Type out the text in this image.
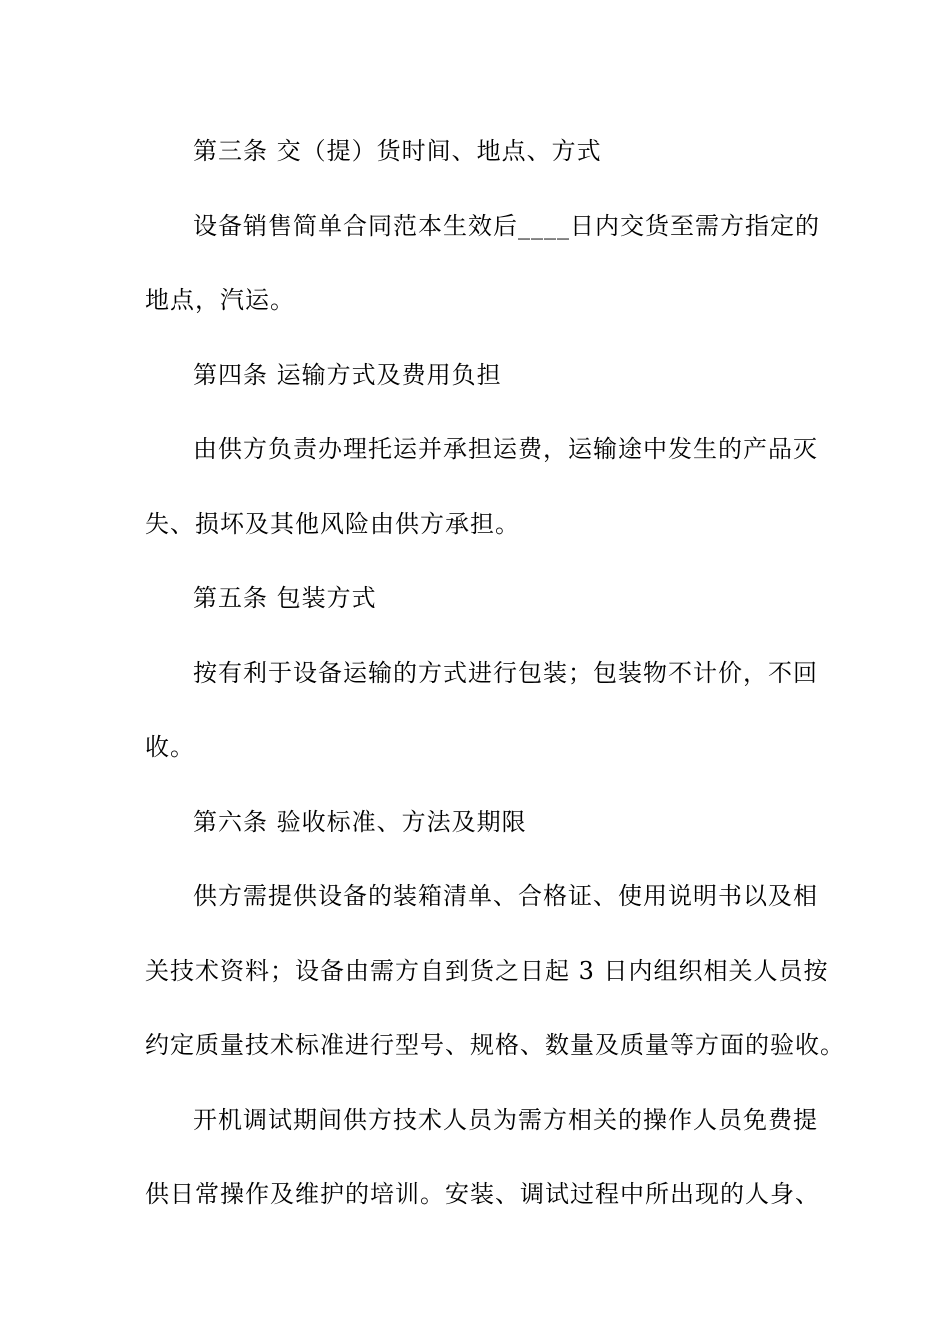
第三条 交（提）货时间、地点、方式
设备销售简单合同范本生效后____日内交货至需方指定的
地点，汽运。
第四条 运输方式及费用负担
由供方负责办理托运并承担运费，运输途中发生的产品灭
失、损坏及其他风险由供方承担。
第五条 包装方式
按有利于设备运输的方式进行包装；包装物不计价，不回
收。
第六条 验收标准、方法及期限
供方需提供设备的装箱清单、合格证、使用说明书以及相
关技术资料；设备由需方自到货之日起 3 日内组织相关人员按
约定质量技术标准进行型号、规格、数量及质量等方面的验收。
开机调试期间供方技术人员为需方相关的操作人员免费提
供日常操作及维护的培训。安装、调试过程中所出现的人身、
